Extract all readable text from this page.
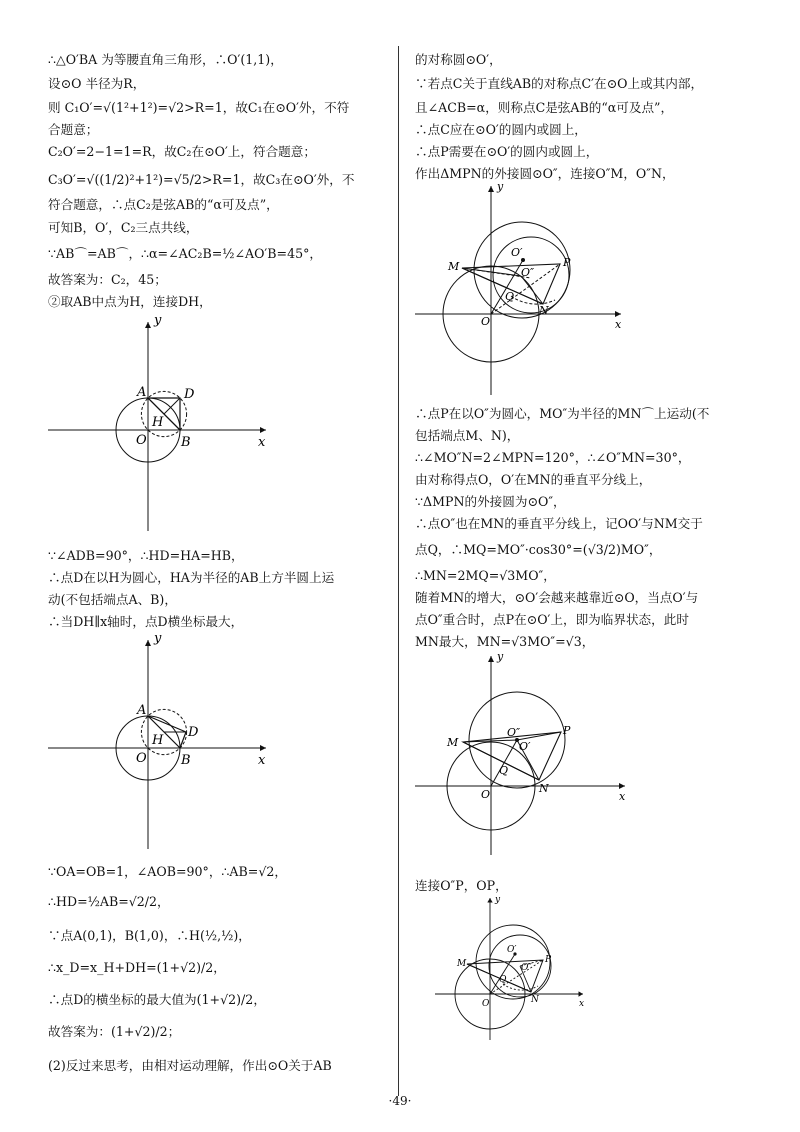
∴△O′BA 为等腰直角三角形，∴O′(1,1)，
设⊙O 半径为R，
则 C₁O′=√(1²+1²)=√2>R=1，故C₁在⊙O′外，不符
合题意；
C₂O′=2−1=1=R，故C₂在⊙O′上，符合题意；
C₃O′=√((1/2)²+1²)=√5/2>R=1，故C₃在⊙O′外，不
符合题意，∴点C₂是弦AB的“α可及点”，
可知B，O′，C₂三点共线，
∵AB⌒=AB⌒，∴α=∠AC₂B=½∠AO′B=45°，
故答案为：C₂，45；
②取AB中点为H，连接DH，
y
x
A	D
H
O	B
∵∠ADB=90°，∴HD=HA=HB，
∴点D在以H为圆心，HA为半径的AB上方半圆上运
动(不包括端点A、B)，
∴当DH∥x轴时，点D横坐标最大，
y
x
A
D
H
O	B
∵OA=OB=1，∠AOB=90°，∴AB=√2，
∴HD=½AB=√2/2，
∵点A(0,1)，B(1,0)，∴H(½,½)，
∴x_D=x_H+DH=(1+√2)/2，
∴点D的横坐标的最大值为(1+√2)/2，
故答案为：(1+√2)/2；
(2)反过来思考，由相对运动理解，作出⊙O关于AB
的对称圆⊙O′，
∵若点C关于直线AB的对称点C′在⊙O上或其内部，
且∠ACB=α，则称点C是弦AB的“α可及点”，
∴点C应在⊙O′的圆内或圆上，
∴点P需要在⊙O′的圆内或圆上，
作出ΔMPN的外接圆⊙O″，连接O″M，O″N，
y
x
M	P
N
O
O′
O″
Q
∴点P在以O″为圆心，MO″为半径的MN⌒上运动(不
包括端点M、N)，
∴∠MO″N=2∠MPN=120°，∴∠O″MN=30°，
由对称得点O，O′在MN的垂直平分线上，
∵ΔMPN的外接圆为⊙O″，
∴点O″也在MN的垂直平分线上，记OO′与NM交于
点Q，∴MQ=MO″·cos30°=(√3/2)MO″，
∴MN=2MQ=√3MO″，
随着MN的增大，⊙O′会越来越靠近⊙O，当点O′与
点O″重合时，点P在⊙O′上，即为临界状态，此时
MN最大，MN=√3MO″=√3，
y
x
M
P
N
O
O′
O″
Q
连接O″P，OP，
y
x
M	P
N
O
O′
O″
Q
·49·
